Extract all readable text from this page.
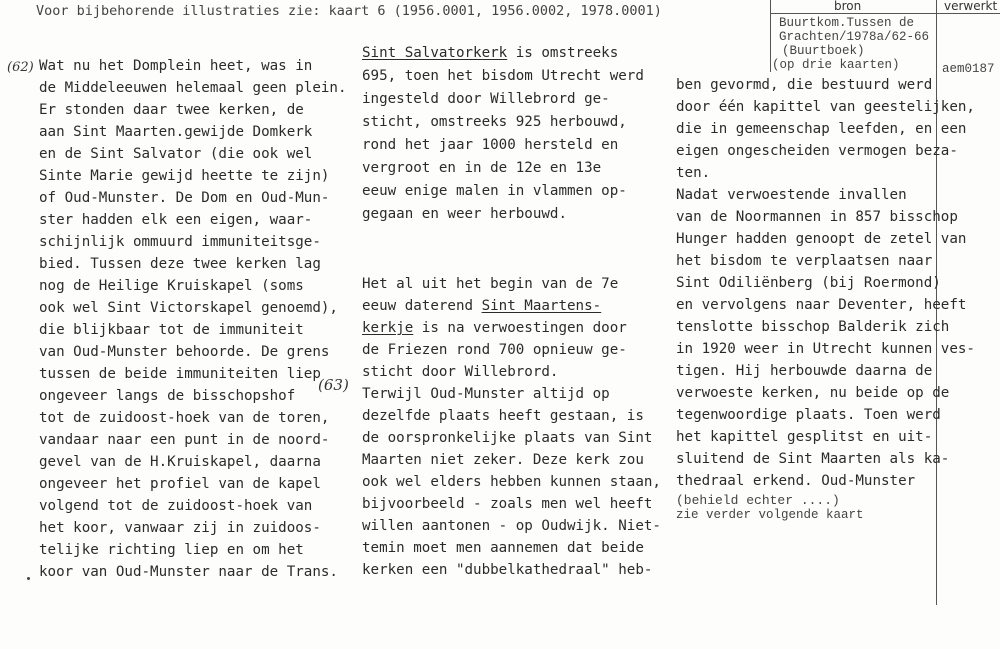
Voor bijbehorende illustraties zie: kaart 6 (1956.0001, 1956.0002, 1978.0001)	bron	verwerkt
Buurtkom.Tussen de
Grachten/1978a/62-66
(Buurtboek)
(op drie kaarten)	aem0187
(62)
(63)
Wat nu het Domplein heet, was in
de Middeleeuwen helemaal geen plein.
Er stonden daar twee kerken, de
aan Sint Maarten.gewijde Domkerk
en de Sint Salvator (die ook wel
Sinte Marie gewijd heette te zijn)
of Oud-Munster. De Dom en Oud-Mun-
ster hadden elk een eigen, waar-
schijnlijk ommuurd immuniteitsge-
bied. Tussen deze twee kerken lag
nog de Heilige Kruiskapel (soms
ook wel Sint Victorskapel genoemd),
die blijkbaar tot de immuniteit
van Oud-Munster behoorde. De grens
tussen de beide immuniteiten liep
ongeveer langs de bisschopshof
tot de zuidoost-hoek van de toren,
vandaar naar een punt in de noord-
gevel van de H.Kruiskapel, daarna
ongeveer het profiel van de kapel
volgend tot de zuidoost-hoek van
het koor, vanwaar zij in zuidoos-
telijke richting liep en om het
koor van Oud-Munster naar de Trans.
Sint Salvatorkerk is omstreeks
695, toen het bisdom Utrecht werd
ingesteld door Willebrord ge-
sticht, omstreeks 925 herbouwd,
rond het jaar 1000 hersteld en
vergroot en in de 12e en 13e
eeuw enige malen in vlammen op-
gegaan en weer herbouwd.
Het al uit het begin van de 7e
eeuw daterend Sint Maartens-
kerkje is na verwoestingen door
de Friezen rond 700 opnieuw ge-
sticht door Willebrord.
Terwijl Oud-Munster altijd op
dezelfde plaats heeft gestaan, is
de oorspronkelijke plaats van Sint
Maarten niet zeker. Deze kerk zou
ook wel elders hebben kunnen staan,
bijvoorbeeld - zoals men wel heeft
willen aantonen - op Oudwijk. Niet-
temin moet men aannemen dat beide
kerken een "dubbelkathedraal" heb-
ben gevormd, die bestuurd werd
door één kapittel van geestelijken,
die in gemeenschap leefden, en een
eigen ongescheiden vermogen beza-
ten.
Nadat verwoestende invallen
van de Noormannen in 857 bisschop
Hunger hadden genoopt de zetel van
het bisdom te verplaatsen naar
Sint Odiliënberg (bij Roermond)
en vervolgens naar Deventer, heeft
tenslotte bisschop Balderik zich
in 1920 weer in Utrecht kunnen ves-
tigen. Hij herbouwde daarna de
verwoeste kerken, nu beide op de
tegenwoordige plaats. Toen werd
het kapittel gesplitst en uit-
sluitend de Sint Maarten als ka-
thedraal erkend. Oud-Munster
(behield echter ....)
zie verder volgende kaart
